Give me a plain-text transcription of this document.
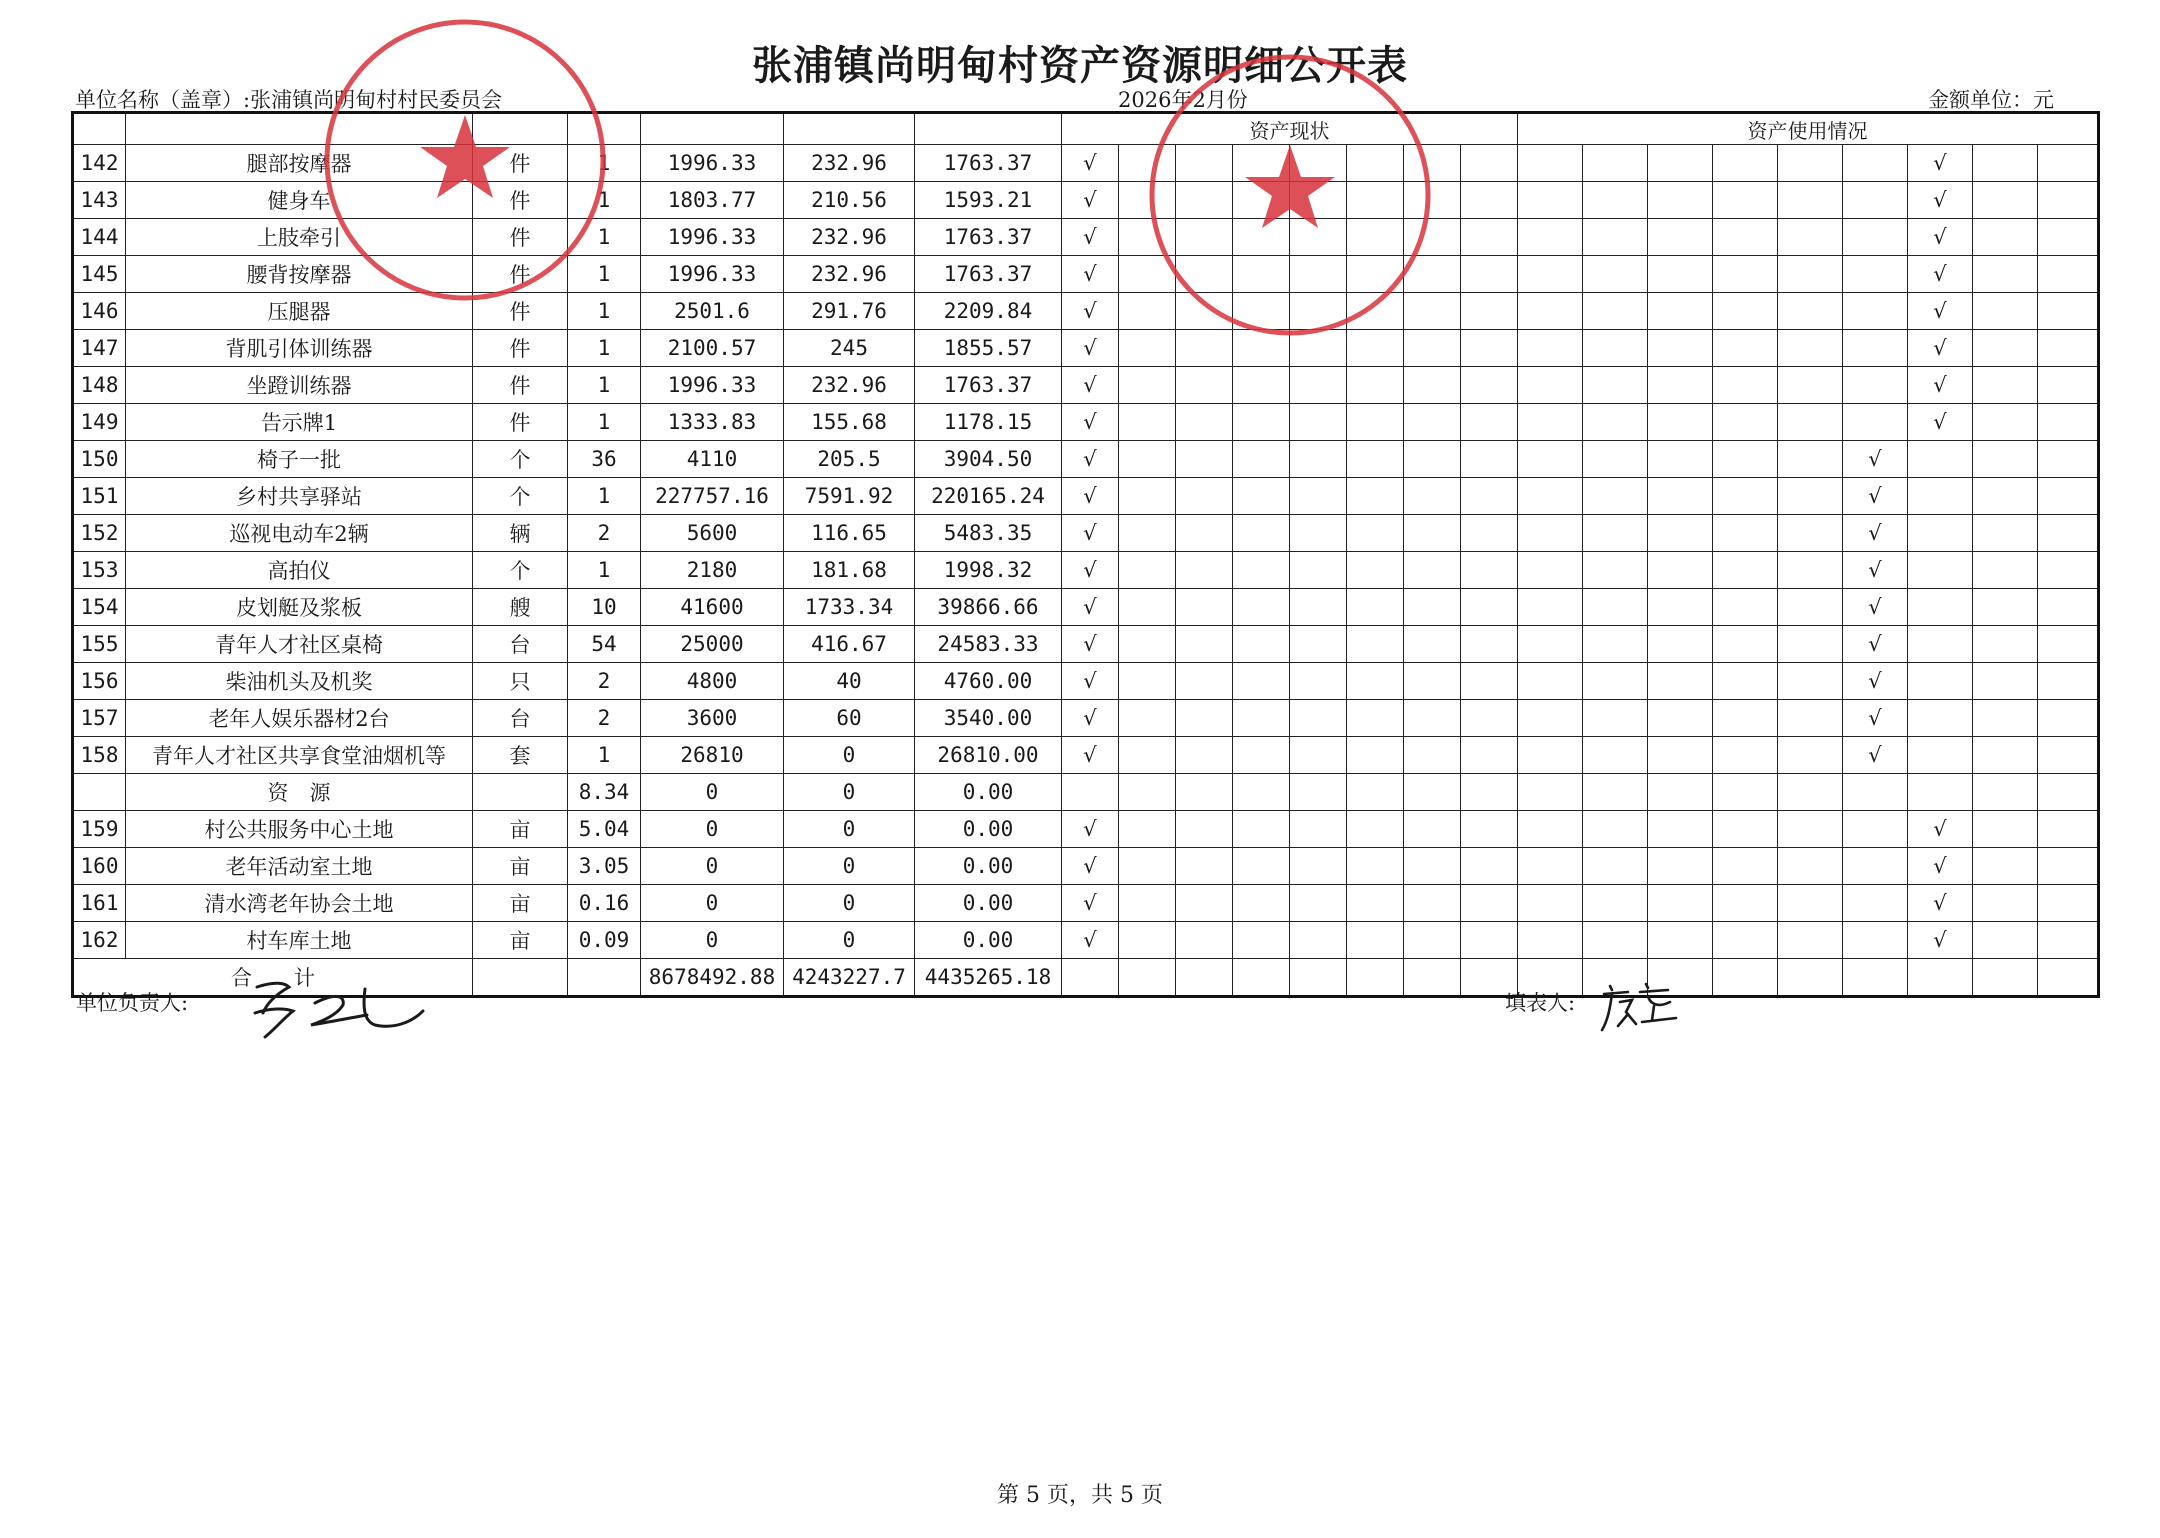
张浦镇尚明甸村资产资源明细公开表
单位名称（盖章）:张浦镇尚明甸村村民委员会	2026年2月份	金额单位：元
							资产现状								资产使用情况								
142	腿部按摩器	件	1	1996.33	232.96	1763.37	√														√		
143	健身车	件	1	1803.77	210.56	1593.21	√														√		
144	上肢牵引	件	1	1996.33	232.96	1763.37	√														√		
145	腰背按摩器	件	1	1996.33	232.96	1763.37	√														√		
146	压腿器	件	1	2501.6	291.76	2209.84	√														√		
147	背肌引体训练器	件	1	2100.57	245	1855.57	√														√		
148	坐蹬训练器	件	1	1996.33	232.96	1763.37	√														√		
149	告示牌1	件	1	1333.83	155.68	1178.15	√														√		
150	椅子一批	个	36	4110	205.5	3904.50	√													√			
151	乡村共享驿站	个	1	227757.16	7591.92	220165.24	√													√			
152	巡视电动车2辆	辆	2	5600	116.65	5483.35	√													√			
153	高拍仪	个	1	2180	181.68	1998.32	√													√			
154	皮划艇及浆板	艘	10	41600	1733.34	39866.66	√													√			
155	青年人才社区桌椅	台	54	25000	416.67	24583.33	√													√			
156	柴油机头及机奖	只	2	4800	40	4760.00	√													√			
157	老年人娱乐器材2台	台	2	3600	60	3540.00	√													√			
158	青年人才社区共享食堂油烟机等	套	1	26810	0	26810.00	√													√			
	资　源		8.34	0	0	0.00																	
159	村公共服务中心土地	亩	5.04	0	0	0.00	√														√		
160	老年活动室土地	亩	3.05	0	0	0.00	√														√		
161	清水湾老年协会土地	亩	0.16	0	0	0.00	√														√		
162	村车库土地	亩	0.09	0	0	0.00	√														√		
合　　计				8678492.88	4243227.7	4435265.18																	
单位负责人:	填表人:
第 5 页，共 5 页
